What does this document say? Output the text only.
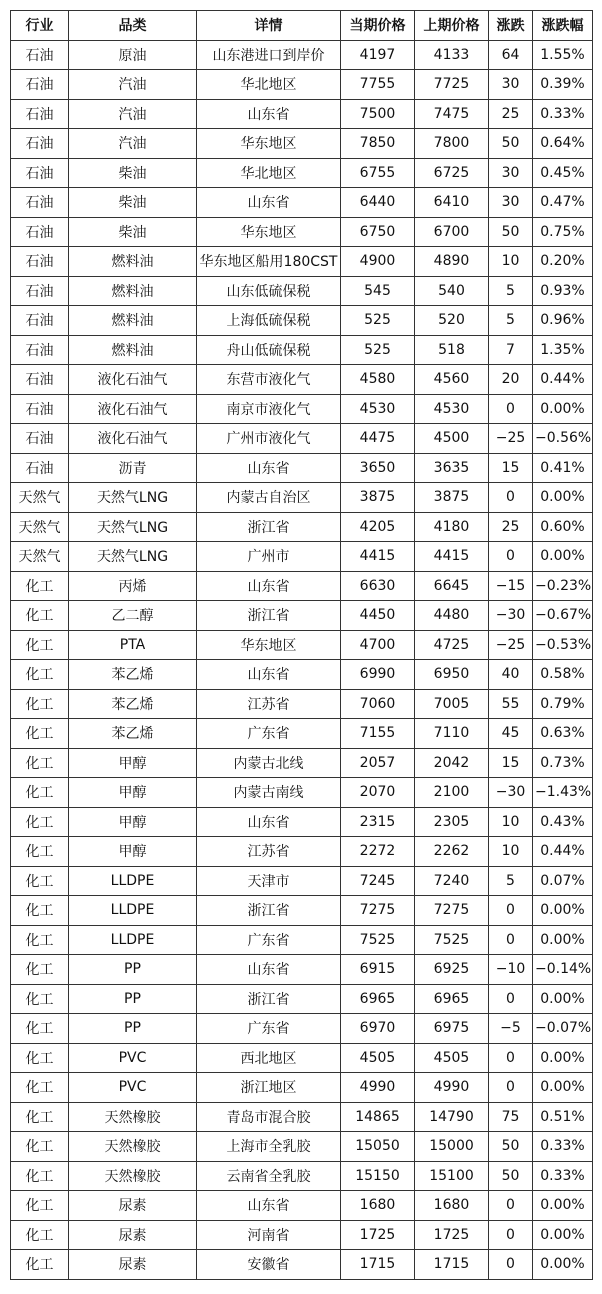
行业	品类	详情	当期价格	上期价格	涨跌	涨跌幅
石油	原油	山东港进口到岸价	4197	4133	64	1.55%
石油	汽油	华北地区	7755	7725	30	0.39%
石油	汽油	山东省	7500	7475	25	0.33%
石油	汽油	华东地区	7850	7800	50	0.64%
石油	柴油	华北地区	6755	6725	30	0.45%
石油	柴油	山东省	6440	6410	30	0.47%
石油	柴油	华东地区	6750	6700	50	0.75%
石油	燃料油	华东地区船用180CST	4900	4890	10	0.20%
石油	燃料油	山东低硫保税	545	540	5	0.93%
石油	燃料油	上海低硫保税	525	520	5	0.96%
石油	燃料油	舟山低硫保税	525	518	7	1.35%
石油	液化石油气	东营市液化气	4580	4560	20	0.44%
石油	液化石油气	南京市液化气	4530	4530	0	0.00%
石油	液化石油气	广州市液化气	4475	4500	−25	−0.56%
石油	沥青	山东省	3650	3635	15	0.41%
天然气	天然气LNG	内蒙古自治区	3875	3875	0	0.00%
天然气	天然气LNG	浙江省	4205	4180	25	0.60%
天然气	天然气LNG	广州市	4415	4415	0	0.00%
化工	丙烯	山东省	6630	6645	−15	−0.23%
化工	乙二醇	浙江省	4450	4480	−30	−0.67%
化工	PTA	华东地区	4700	4725	−25	−0.53%
化工	苯乙烯	山东省	6990	6950	40	0.58%
化工	苯乙烯	江苏省	7060	7005	55	0.79%
化工	苯乙烯	广东省	7155	7110	45	0.63%
化工	甲醇	内蒙古北线	2057	2042	15	0.73%
化工	甲醇	内蒙古南线	2070	2100	−30	−1.43%
化工	甲醇	山东省	2315	2305	10	0.43%
化工	甲醇	江苏省	2272	2262	10	0.44%
化工	LLDPE	天津市	7245	7240	5	0.07%
化工	LLDPE	浙江省	7275	7275	0	0.00%
化工	LLDPE	广东省	7525	7525	0	0.00%
化工	PP	山东省	6915	6925	−10	−0.14%
化工	PP	浙江省	6965	6965	0	0.00%
化工	PP	广东省	6970	6975	−5	−0.07%
化工	PVC	西北地区	4505	4505	0	0.00%
化工	PVC	浙江地区	4990	4990	0	0.00%
化工	天然橡胶	青岛市混合胶	14865	14790	75	0.51%
化工	天然橡胶	上海市全乳胶	15050	15000	50	0.33%
化工	天然橡胶	云南省全乳胶	15150	15100	50	0.33%
化工	尿素	山东省	1680	1680	0	0.00%
化工	尿素	河南省	1725	1725	0	0.00%
化工	尿素	安徽省	1715	1715	0	0.00%
